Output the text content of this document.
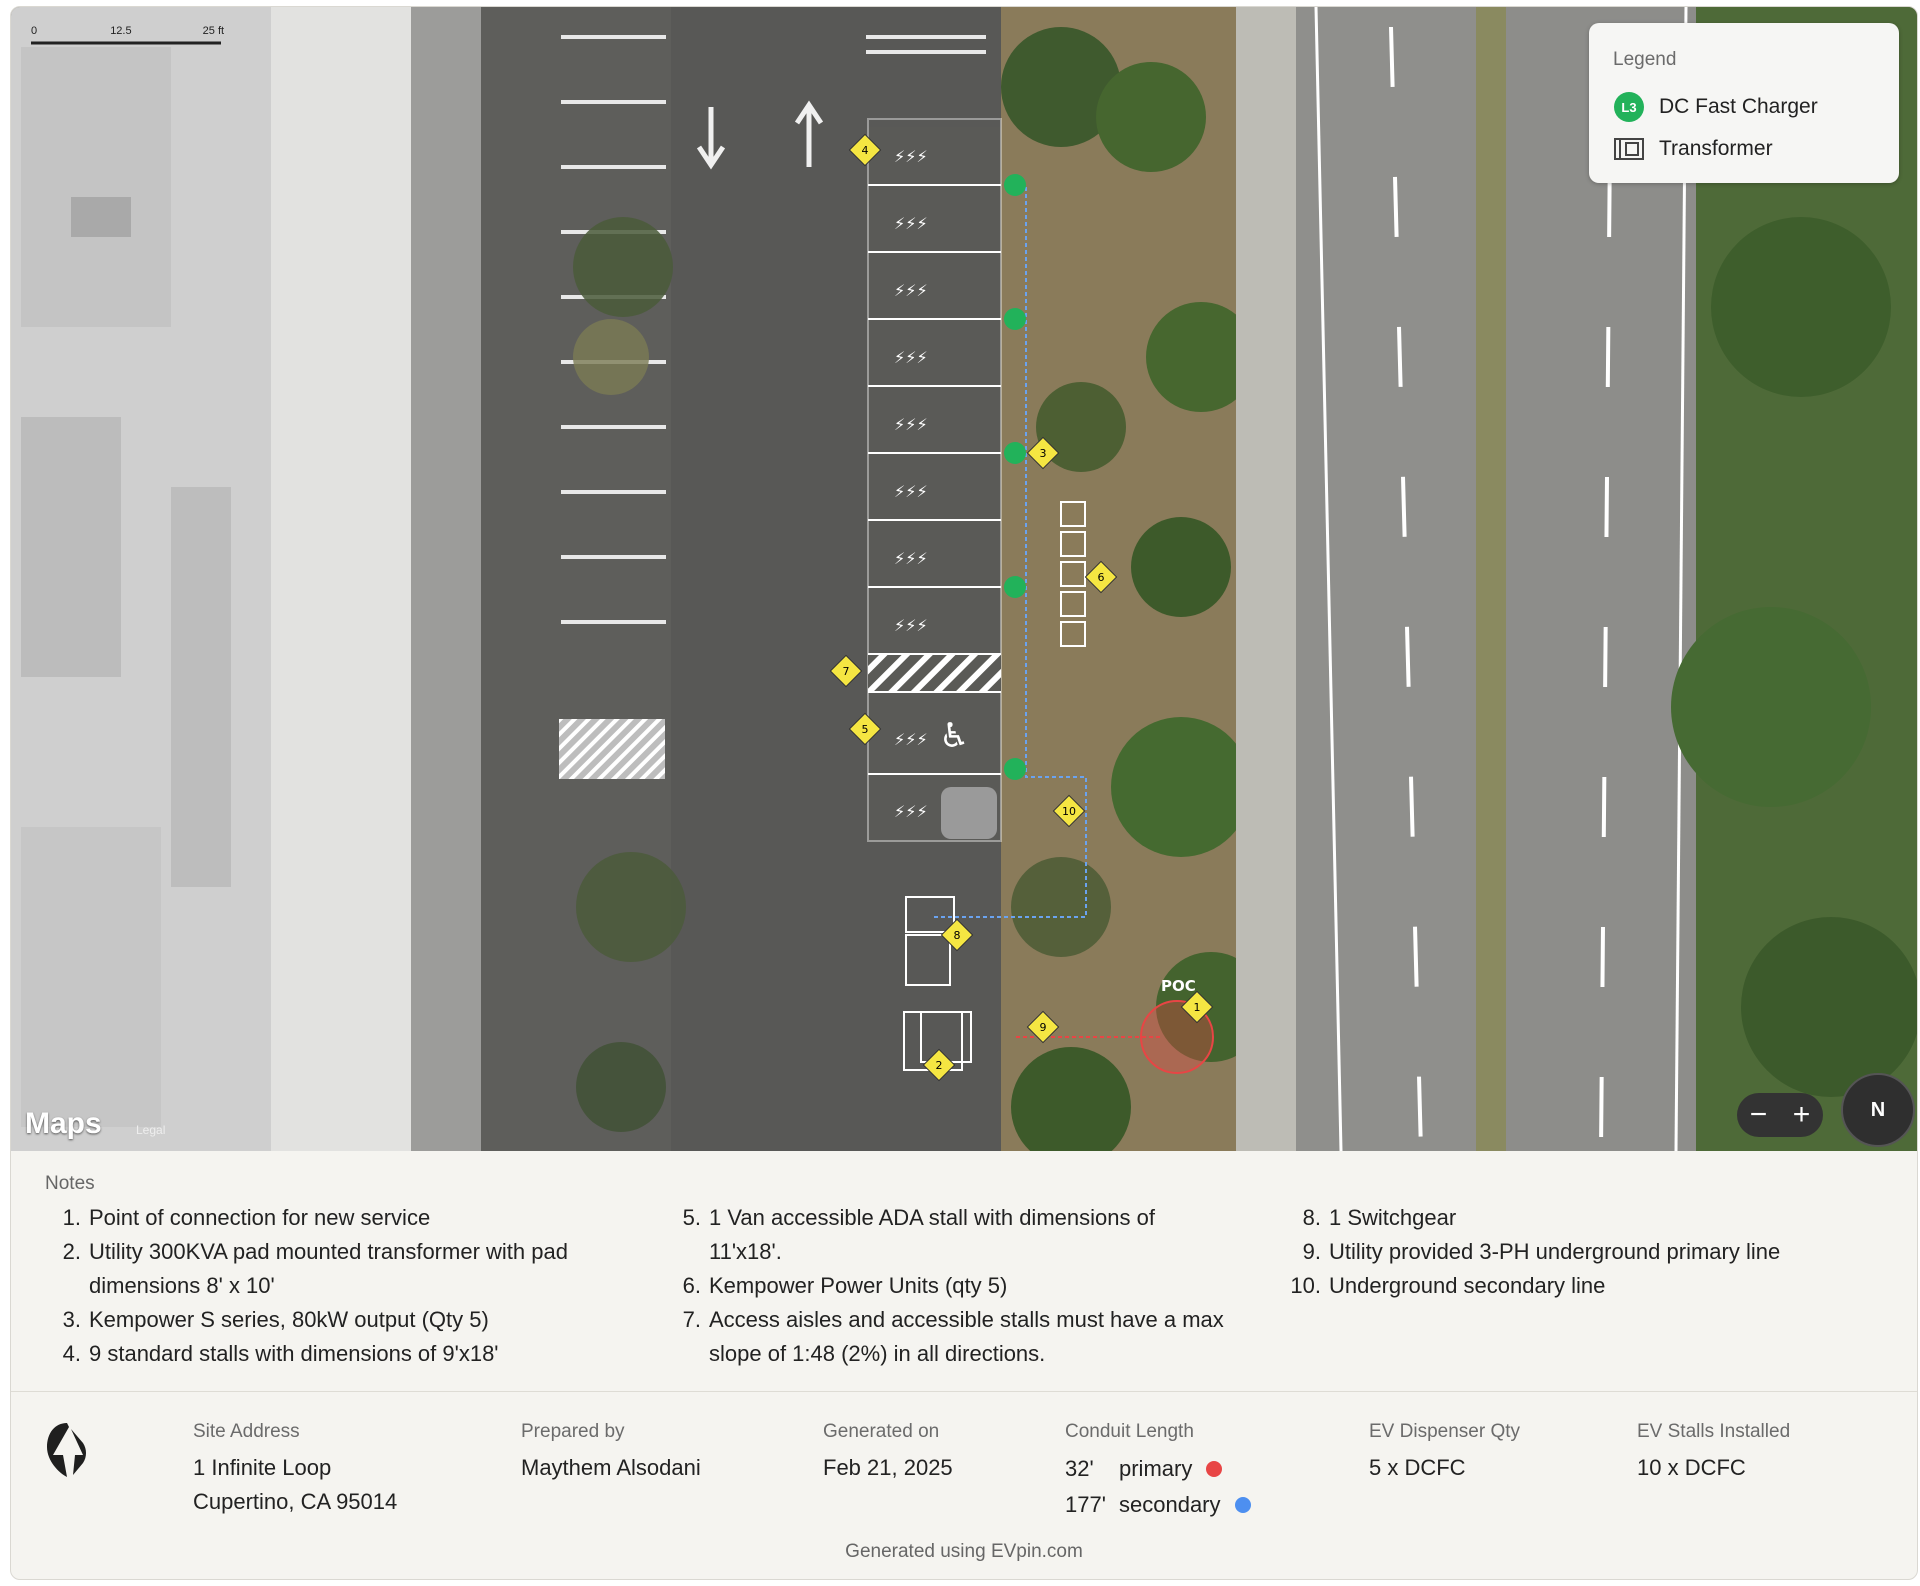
♿
⚡⚡⚡
⚡⚡⚡
⚡⚡⚡
⚡⚡⚡
⚡⚡⚡
⚡⚡⚡
⚡⚡⚡
⚡⚡⚡
⚡⚡⚡
⚡⚡⚡
POC
1
2
3
4
5
6
7
8
9
10
0	12.5	25 ft
Legend
L3	DC Fast Charger
Transformer
Maps	Legal	− +	N
Notes
1. Point of connection for new service
2. Utility 300KVA pad mounted transformer with pad dimensions 8' x 10'
3. Kempower S series, 80kW output (Qty 5)
4. 9 standard stalls with dimensions of 9'x18'
5. 1 Van accessible ADA stall with dimensions of 11'x18'.
6. Kempower Power Units (qty 5)
7. Access aisles and accessible stalls must have a max slope of 1:48 (2%) in all directions.
8. 1 Switchgear
9. Utility provided 3-PH underground primary line
10. Underground secondary line
Site Address
1 Infinite Loop
Cupertino, CA 95014
Prepared by
Maythem Alsodani
Generated on
Feb 21, 2025
Conduit Length
32'	primary
177' secondary
EV Dispenser Qty
5 x DCFC
EV Stalls Installed
10 x DCFC
Generated using EVpin.com
